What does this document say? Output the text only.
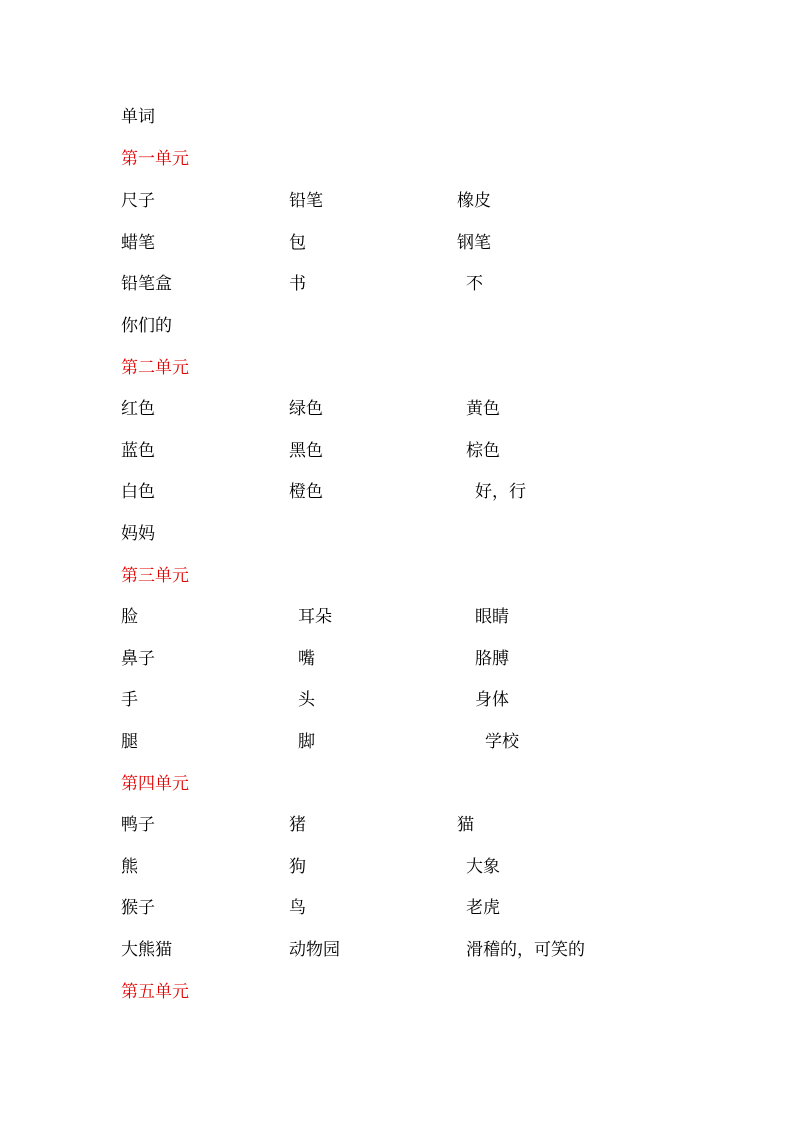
单词
第一单元
尺子	铅笔	橡皮
蜡笔	包	钢笔
铅笔盒	书	不
你们的
第二单元
红色	绿色	黄色
蓝色	黑色	棕色
白色	橙色	好，行
妈妈
第三单元
脸	耳朵	眼睛
鼻子	嘴	胳膊
手	头	身体
腿	脚	学校
第四单元
鸭子	猪	猫
熊	狗	大象
猴子	鸟	老虎
大熊猫	动物园	滑稽的，可笑的
第五单元
